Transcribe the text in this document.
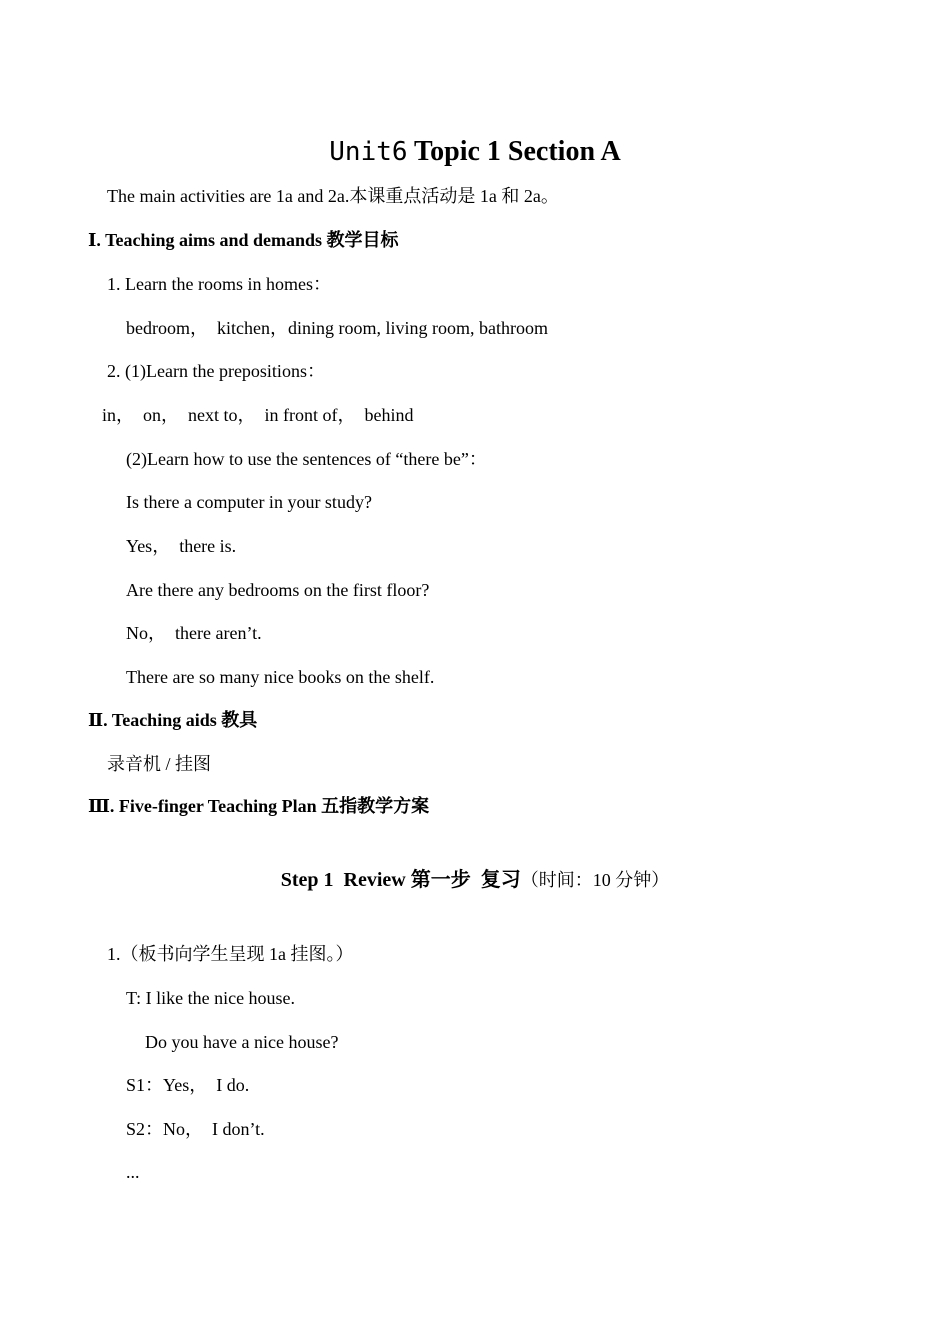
Unit6 Topic 1 Section A
The main activities are 1a and 2a.本课重点活动是 1a 和 2a。
Ⅰ. Teaching aims and demands 教学目标
1. Learn the rooms in homes：
bedroom，  kitchen，dining room, living room, bathroom
2. (1)Learn the prepositions：
in，  on，  next to，  in front of，  behind
(2)Learn how to use the sentences of “there be”：
Is there a computer in your study?
Yes，  there is.
Are there any bedrooms on the first floor?
No，  there aren’t.
There are so many nice books on the shelf.
Ⅱ. Teaching aids 教具
录音机 / 挂图
Ⅲ. Five-finger Teaching Plan 五指教学方案
Step 1  Review 第一步  复习（时间：10 分钟）
1.（板书向学生呈现 1a 挂图。）
T: I like the nice house.
Do you have a nice house?
S1：Yes，  I do.
S2：No，  I don’t.
...
